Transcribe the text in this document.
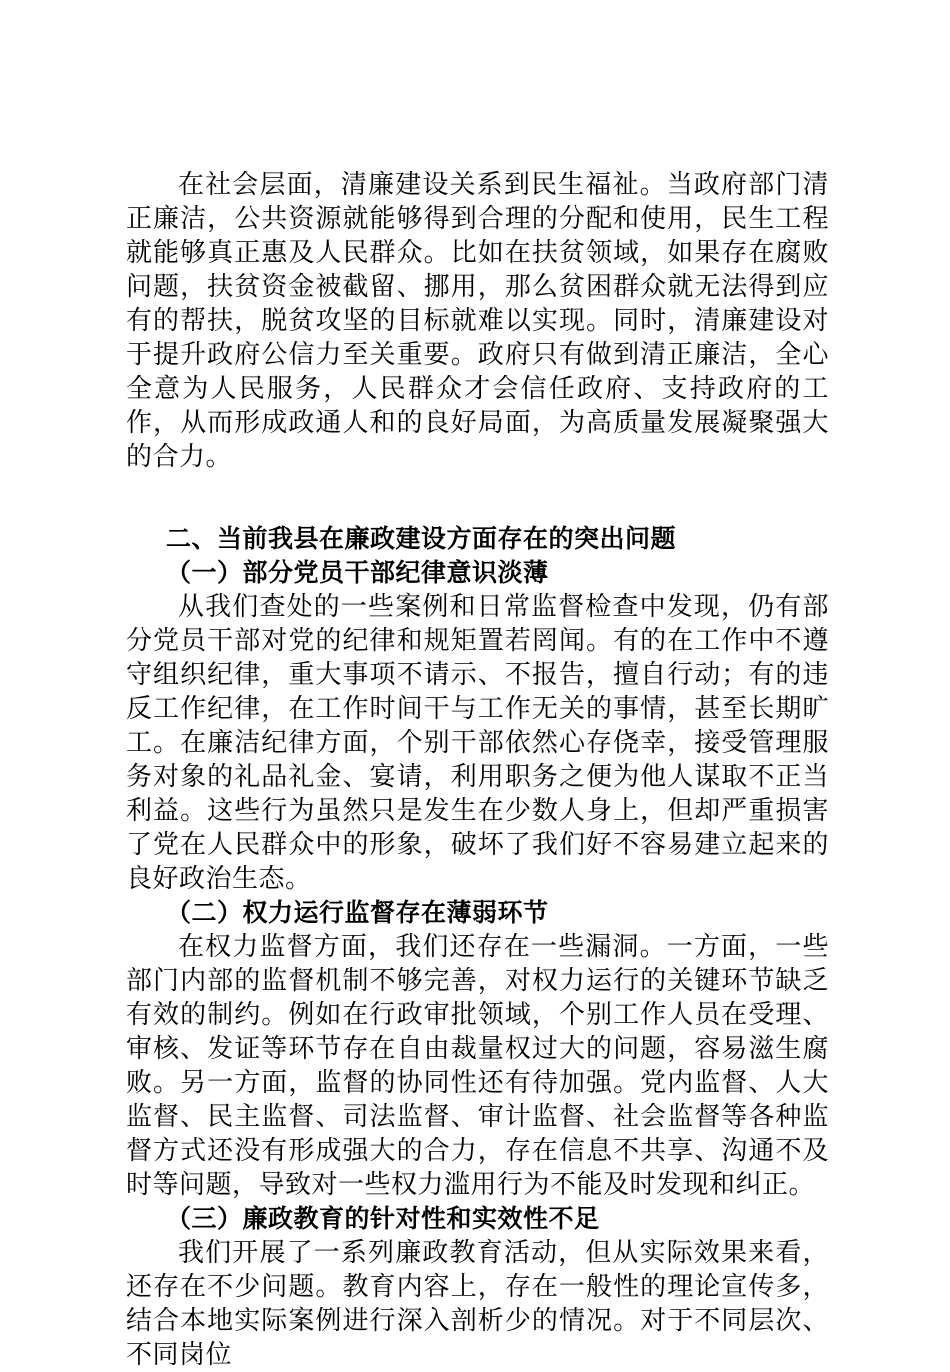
在社会层面，清廉建设关系到民生福祉。当政府部门清正廉洁，公共资源就能够得到合理的分配和使用，民生工程就能够真正惠及人民群众。比如在扶贫领域，如果存在腐败问题，扶贫资金被截留、挪用，那么贫困群众就无法得到应有的帮扶，脱贫攻坚的目标就难以实现。同时，清廉建设对于提升政府公信力至关重要。政府只有做到清正廉洁，全心全意为人民服务，人民群众才会信任政府、支持政府的工作，从而形成政通人和的良好局面，为高质量发展凝聚强大的合力。

二、当前我县在廉政建设方面存在的突出问题
（一）部分党员干部纪律意识淡薄

从我们查处的一些案例和日常监督检查中发现，仍有部分党员干部对党的纪律和规矩置若罔闻。有的在工作中不遵守组织纪律，重大事项不请示、不报告，擅自行动；有的违反工作纪律，在工作时间干与工作无关的事情，甚至长期旷工。在廉洁纪律方面，个别干部依然心存侥幸，接受管理服务对象的礼品礼金、宴请，利用职务之便为他人谋取不正当利益。这些行为虽然只是发生在少数人身上，但却严重损害了党在人民群众中的形象，破坏了我们好不容易建立起来的良好政治生态。

（二）权力运行监督存在薄弱环节

在权力监督方面，我们还存在一些漏洞。一方面，一些部门内部的监督机制不够完善，对权力运行的关键环节缺乏有效的制约。例如在行政审批领域，个别工作人员在受理、审核、发证等环节存在自由裁量权过大的问题，容易滋生腐败。另一方面，监督的协同性还有待加强。党内监督、人大监督、民主监督、司法监督、审计监督、社会监督等各种监督方式还没有形成强大的合力，存在信息不共享、沟通不及时等问题，导致对一些权力滥用行为不能及时发现和纠正。

（三）廉政教育的针对性和实效性不足

我们开展了一系列廉政教育活动，但从实际效果来看，还存在不少问题。教育内容上，存在一般性的理论宣传多，结合本地实际案例进行深入剖析少的情况。对于不同层次、不同岗位
